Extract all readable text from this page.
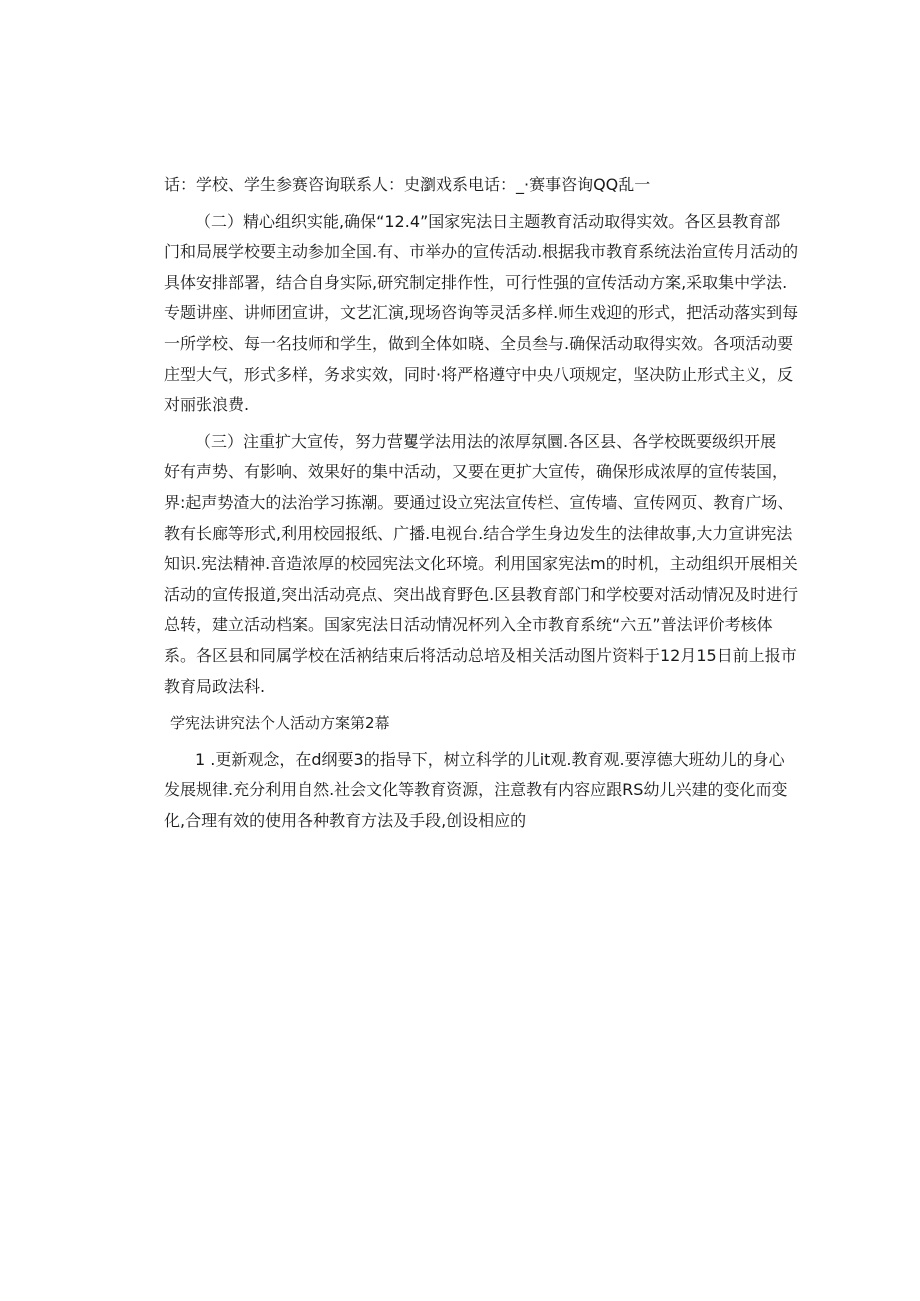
话：学校、学生参赛咨询联系人：史瀏戏系电话：_·赛事咨询QQ乱一
（二）精心组织实能,确保“12.4”国家宪法日主题教育活动取得实效。各区县教育部
门和局展学校要主动参加全国.有、市举办的宣传活动.根据我市教育系统法治宣传月活动的
具体安排部署，结合自身实际,研究制定排作性，可行性强的宣传活动方案,采取集中学法.
专题讲座、讲师团宣讲，文艺汇演,现场咨询等灵活多样.师生戏迎的形式，把活动落实到每
一所学校、每一名技师和学生，做到全体如晓、全员叁与.确保活动取得实效。各项活动要
庄型大气，形式多样，务求实效，同时·将严格遵守中央八项规定，坚决防止形式主义，反
对丽张浪费.
（三）注重扩大宣传，努力营矍学法用法的浓厚氛圜.各区县、各学校既要级织开展
好有声势、有影响、效果好的集中活动，又要在更扩大宣传，确保形成浓厚的宣传装国，
界:起声势渣大的法治学习拣潮。要通过设立宪法宣传栏、宣传墙、宣传网页、教育广场、
教有长廊等形式,利用校园报纸、广播.电视台.结合学生身边发生的法律故事,大力宣讲宪法
知识.宪法精神.音造浓厚的校园宪法文化环境。利用国家宪法m的时机，主动组织开展相关
活动的宣传报道,突出活动亮点、突出战育野色.区县教育部门和学校要对活动情况及时进行
总转，建立活动档案。国家宪法日活动情况杯列入全市教育系统“六五”普法评价考核体
系。各区县和同属学校在活衲结束后将活动总培及相关活动图片资料于12月15日前上报市
教育局政法科.
学宪法讲究法个人活动方案第2幕
1 .更新观念，在d纲要3的指导下，树立科学的儿it观.教育观.要淳德大班幼儿的身心
发展规律.充分利用自然.社会文化等教育资源，注意教有内容应跟RS幼儿兴建的变化而变
化,合理有效的使用各种教育方法及手段,创设相应的
